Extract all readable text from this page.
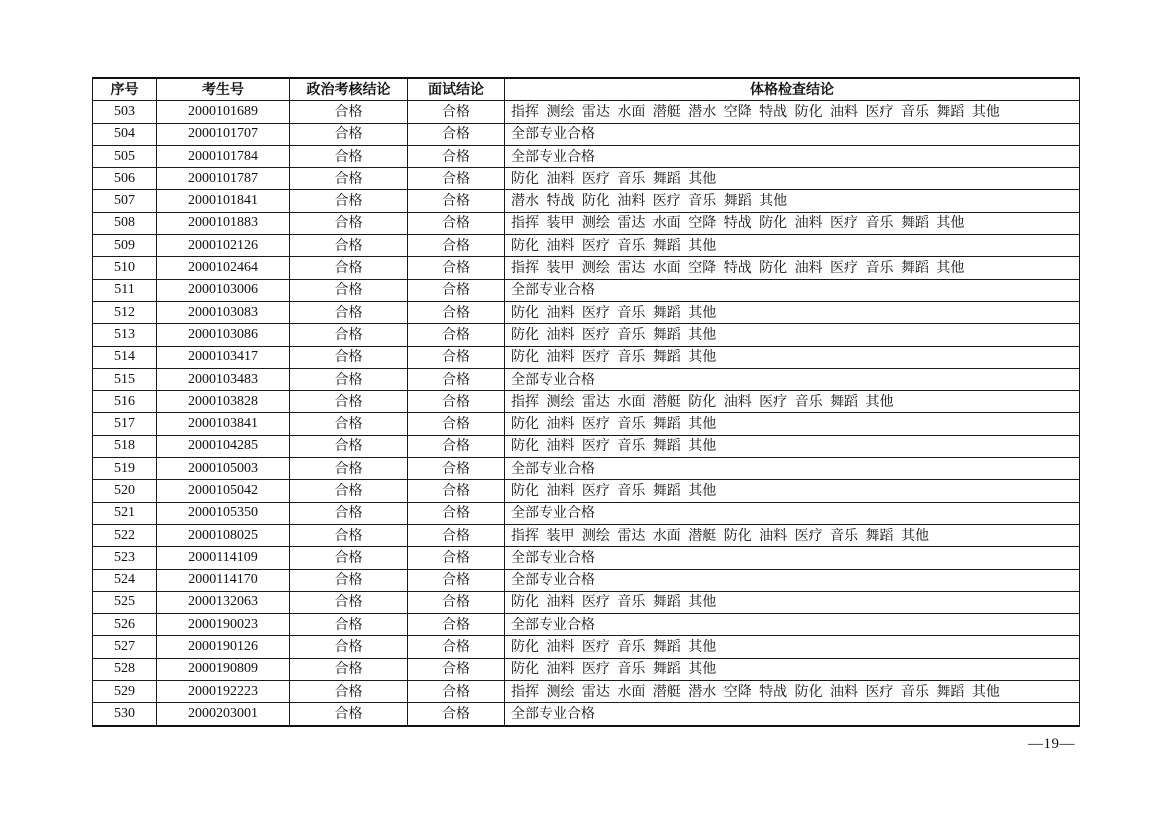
序号	考生号	政治考核结论	面试结论	体格检查结论
503	2000101689	合格	合格	指挥 测绘 雷达 水面 潜艇 潜水 空降 特战 防化 油料 医疗 音乐 舞蹈 其他
504	2000101707	合格	合格	全部专业合格
505	2000101784	合格	合格	全部专业合格
506	2000101787	合格	合格	防化 油料 医疗 音乐 舞蹈 其他
507	2000101841	合格	合格	潜水 特战 防化 油料 医疗 音乐 舞蹈 其他
508	2000101883	合格	合格	指挥 装甲 测绘 雷达 水面 空降 特战 防化 油料 医疗 音乐 舞蹈 其他
509	2000102126	合格	合格	防化 油料 医疗 音乐 舞蹈 其他
510	2000102464	合格	合格	指挥 装甲 测绘 雷达 水面 空降 特战 防化 油料 医疗 音乐 舞蹈 其他
511	2000103006	合格	合格	全部专业合格
512	2000103083	合格	合格	防化 油料 医疗 音乐 舞蹈 其他
513	2000103086	合格	合格	防化 油料 医疗 音乐 舞蹈 其他
514	2000103417	合格	合格	防化 油料 医疗 音乐 舞蹈 其他
515	2000103483	合格	合格	全部专业合格
516	2000103828	合格	合格	指挥 测绘 雷达 水面 潜艇 防化 油料 医疗 音乐 舞蹈 其他
517	2000103841	合格	合格	防化 油料 医疗 音乐 舞蹈 其他
518	2000104285	合格	合格	防化 油料 医疗 音乐 舞蹈 其他
519	2000105003	合格	合格	全部专业合格
520	2000105042	合格	合格	防化 油料 医疗 音乐 舞蹈 其他
521	2000105350	合格	合格	全部专业合格
522	2000108025	合格	合格	指挥 装甲 测绘 雷达 水面 潜艇 防化 油料 医疗 音乐 舞蹈 其他
523	2000114109	合格	合格	全部专业合格
524	2000114170	合格	合格	全部专业合格
525	2000132063	合格	合格	防化 油料 医疗 音乐 舞蹈 其他
526	2000190023	合格	合格	全部专业合格
527	2000190126	合格	合格	防化 油料 医疗 音乐 舞蹈 其他
528	2000190809	合格	合格	防化 油料 医疗 音乐 舞蹈 其他
529	2000192223	合格	合格	指挥 测绘 雷达 水面 潜艇 潜水 空降 特战 防化 油料 医疗 音乐 舞蹈 其他
530	2000203001	合格	合格	全部专业合格
—19—
